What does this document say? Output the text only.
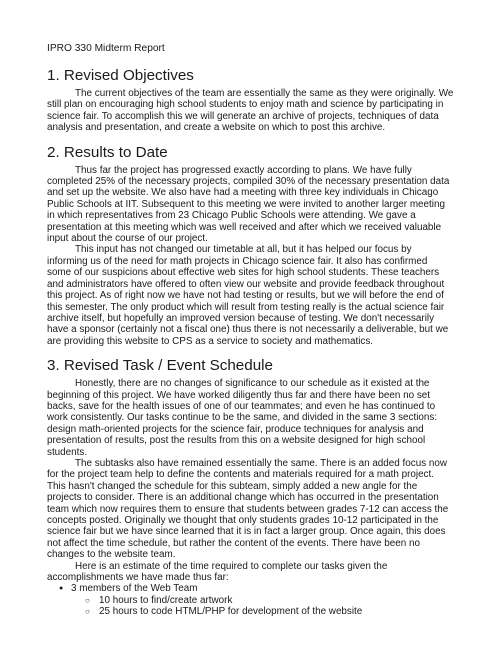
IPRO 330 Midterm Report
1. Revised Objectives

The current objectives of the team are essentially the same as they were originally. We still plan on encouraging high school students to enjoy math and science by participating in science fair. To accomplish this we will generate an archive of projects, techniques of data analysis and presentation, and create a website on which to post this archive.

2. Results to Date

Thus far the project has progressed exactly according to plans. We have fully completed 25% of the necessary projects, compiled 30% of the necessary presentation data and set up the website. We also have had a meeting with three key individuals in Chicago Public Schools at IIT. Subsequent to this meeting we were invited to another larger meeting in which representatives from 23 Chicago Public Schools were attending. We gave a presentation at this meeting which was well received and after which we received valuable input about the course of our project.

This input has not changed our timetable at all, but it has helped our focus by informing us of the need for math projects in Chicago science fair. It also has confirmed some of our suspicions about effective web sites for high school students. These teachers and administrators have offered to often view our website and provide feedback throughout this project. As of right now we have not had testing or results, but we will before the end of this semester. The only product which will result from testing really is the actual science fair archive itself, but hopefully an improved version because of testing. We don't necessarily have a sponsor (certainly not a fiscal one) thus there is not necessarily a deliverable, but we are providing this website to CPS as a service to society and mathematics.

3. Revised Task / Event Schedule

Honestly, there are no changes of significance to our schedule as it existed at the beginning of this project. We have worked diligently thus far and there have been no set backs, save for the health issues of one of our teammates; and even he has continued to work consistently. Our tasks continue to be the same, and divided in the same 3 sections: design math-oriented projects for the science fair, produce techniques for analysis and presentation of results, post the results from this on a website designed for high school students.

The subtasks also have remained essentially the same. There is an added focus now for the project team help to define the contents and materials required for a math project. This hasn't changed the schedule for this subteam, simply added a new angle for the projects to consider. There is an additional change which has occurred in the presentation team which now requires them to ensure that students between grades 7-12 can access the concepts posted. Originally we thought that only students grades 10-12 participated in the science fair but we have since learned that it is in fact a larger group. Once again, this does not affect the time schedule, but rather the content of the events. There have been no changes to the website team.

Here is an estimate of the time required to complete our tasks given the accomplishments we have made thus far:

● 3 members of the Web Team
○ 10 hours to find/create artwork
○ 25 hours to code HTML/PHP for development of the website
